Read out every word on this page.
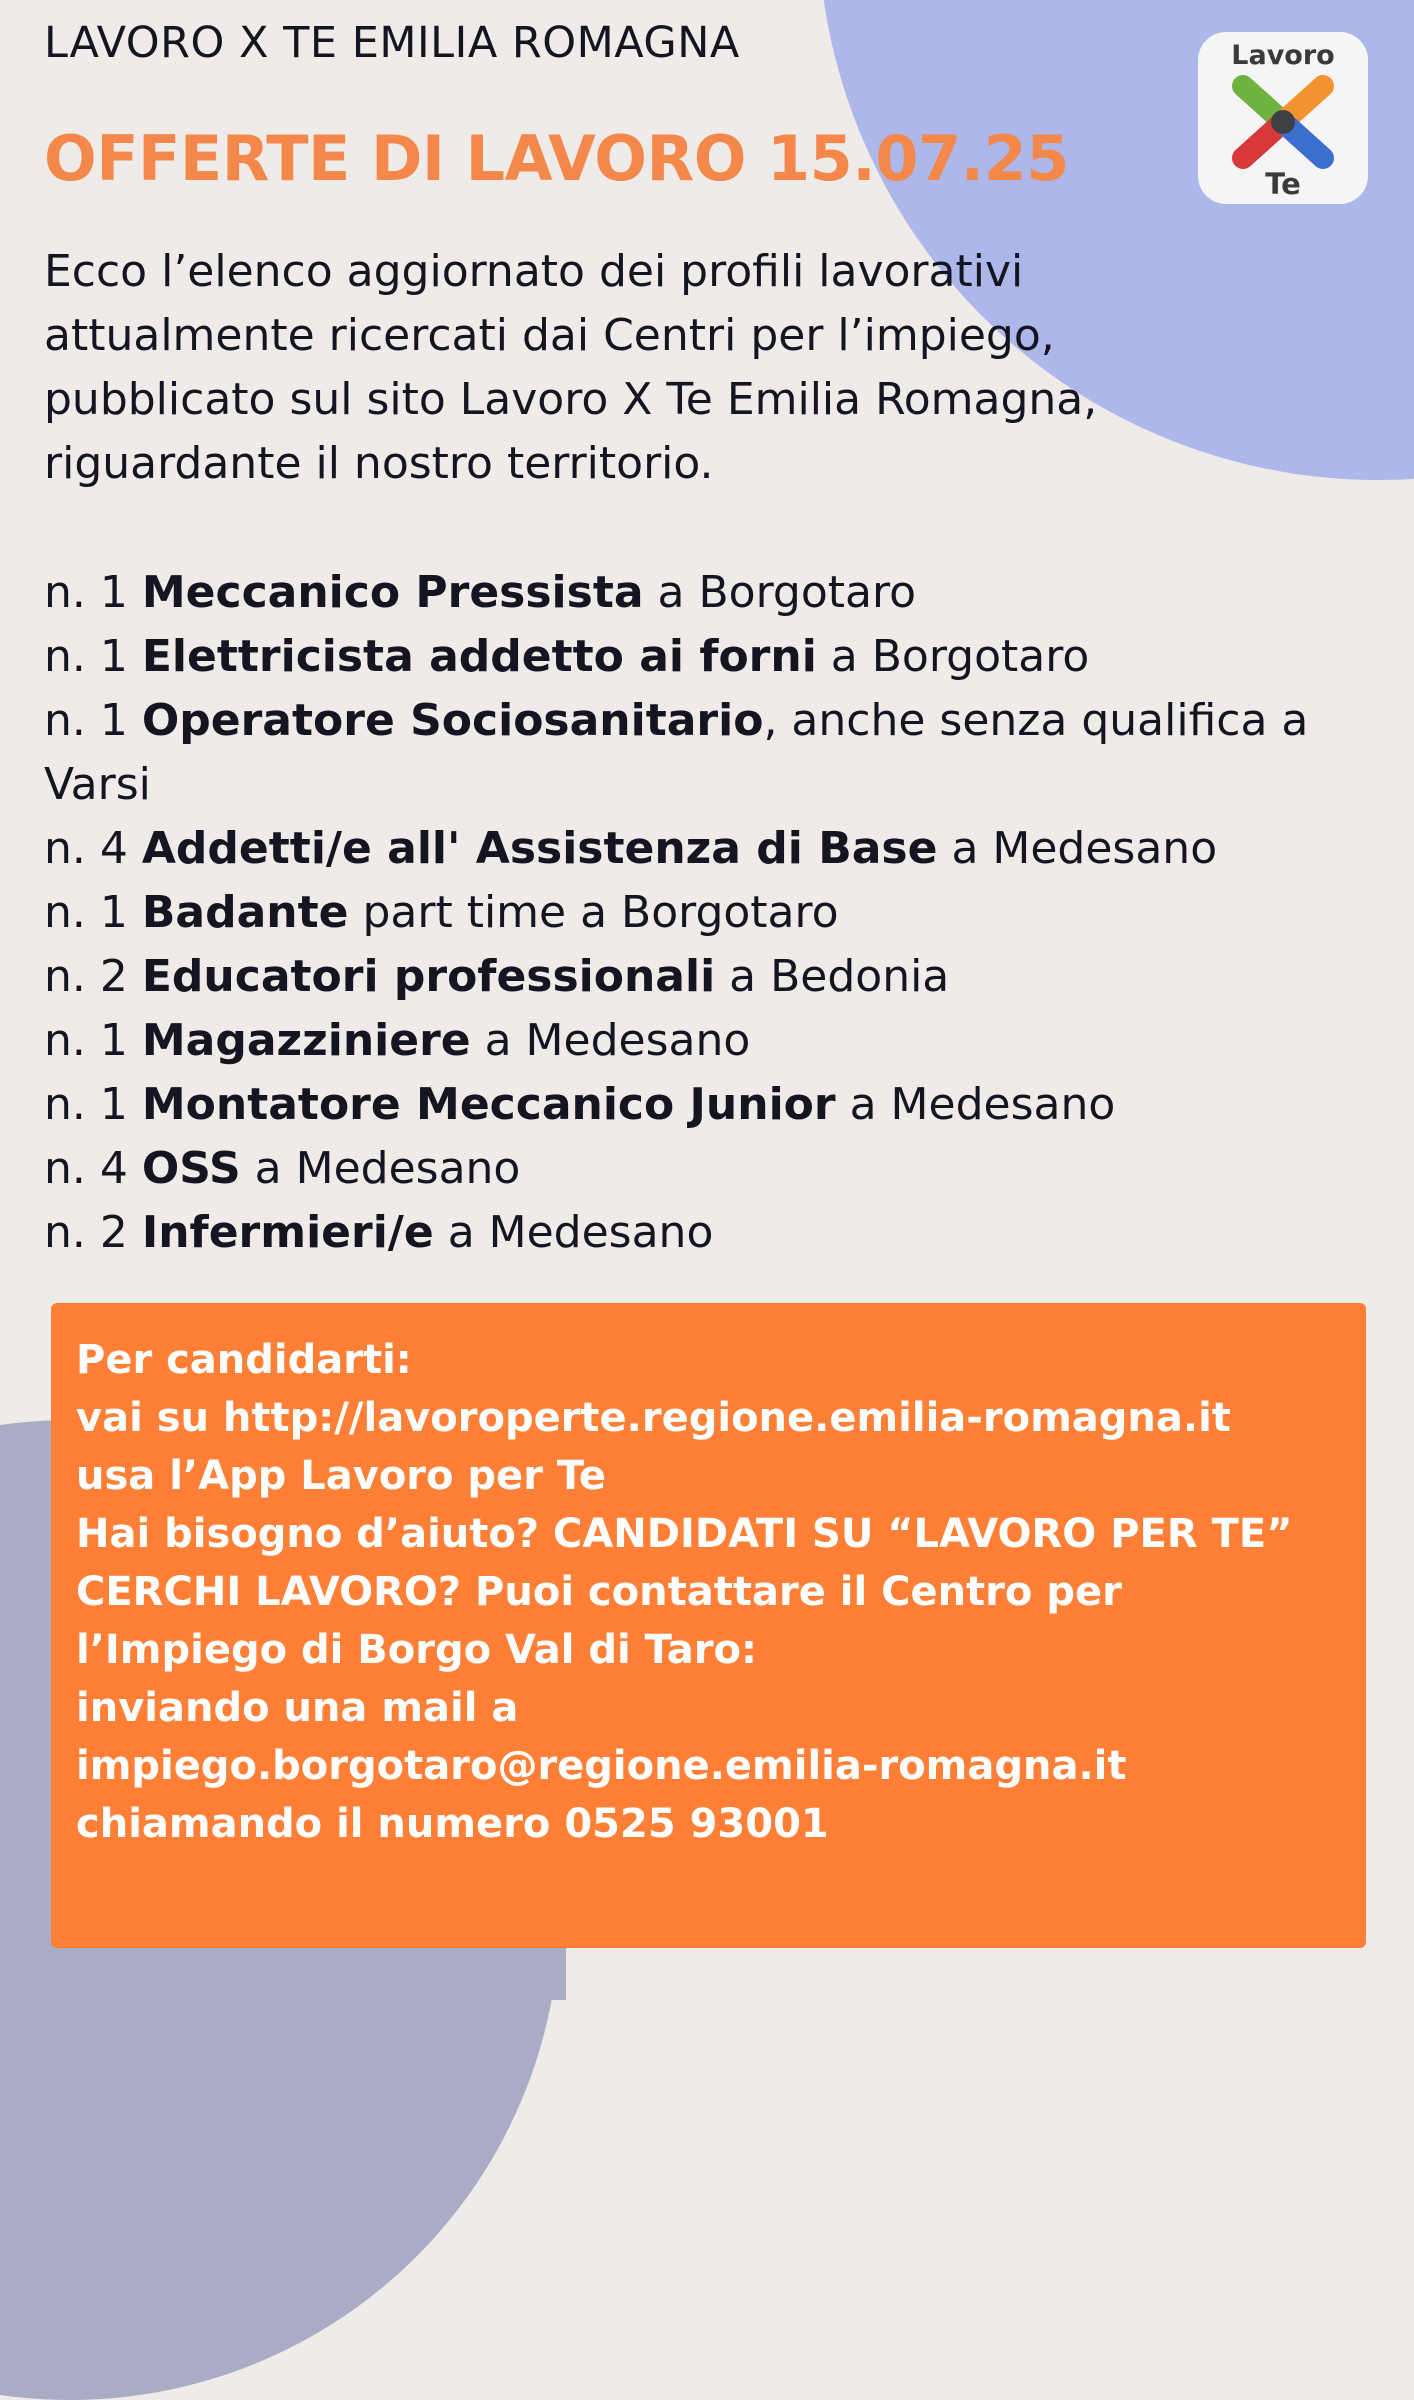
LAVORO X TE EMILIA ROMAGNA	Lavoro
Te
OFFERTE DI LAVORO 15.07.25
Ecco l’elenco aggiornato dei profili lavorativi attualmente ricercati dai Centri per l’impiego, pubblicato sul sito Lavoro X Te Emilia Romagna, riguardante il nostro territorio.
n. 1 Meccanico Pressista a Borgotaro
n. 1 Elettricista addetto ai forni a Borgotaro
n. 1 Operatore Sociosanitario, anche senza qualifica a Varsi
n. 4 Addetti/e all' Assistenza di Base a Medesano
n. 1 Badante part time a Borgotaro
n. 2 Educatori professionali a Bedonia
n. 1 Magazziniere a Medesano
n. 1 Montatore Meccanico Junior a Medesano
n. 4 OSS a Medesano
n. 2 Infermieri/e a Medesano
Per candidarti:
vai su http://lavoroperte.regione.emilia-romagna.it
usa l’App Lavoro per Te
Hai bisogno d’aiuto? CANDIDATI SU “LAVORO PER TE”
CERCHI LAVORO? Puoi contattare il Centro per l’Impiego di Borgo Val di Taro:
inviando una mail a
impiego.borgotaro@regione.emilia-romagna.it
chiamando il numero 0525 93001
